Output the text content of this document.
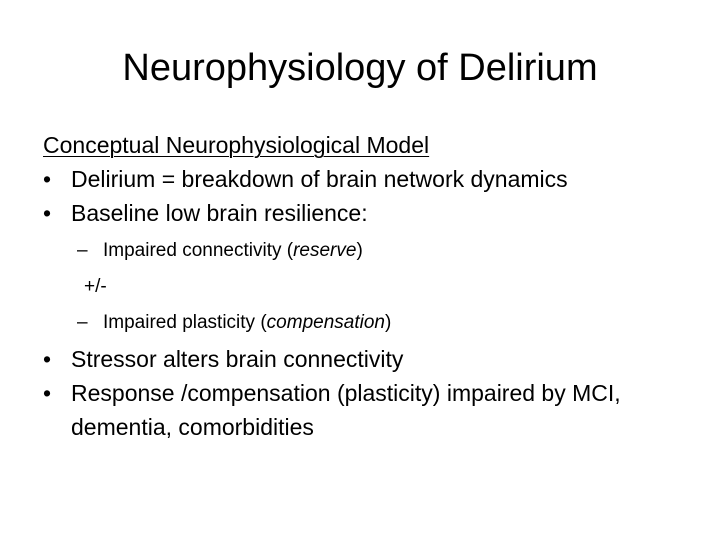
Neurophysiology of Delirium
Conceptual Neurophysiological Model
• Delirium = breakdown of brain network dynamics
• Baseline low brain resilience:
– Impaired connectivity (reserve)
+/-
– Impaired plasticity (compensation)
• Stressor alters brain connectivity
• Response /compensation (plasticity) impaired by MCI, dementia, comorbidities
